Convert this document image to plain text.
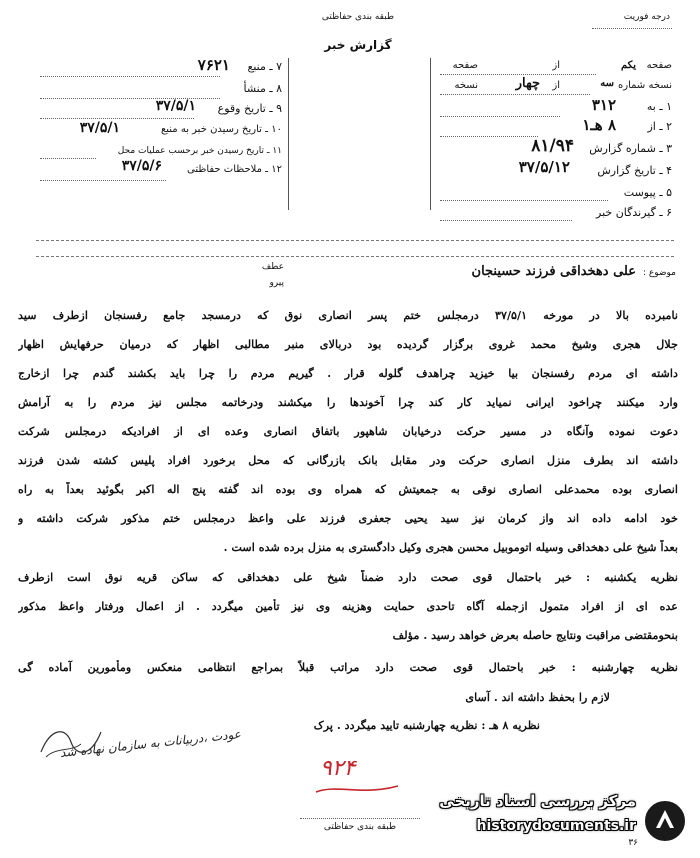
طبقه بندی حفاظتی
گزارش خبر
درجه فوریت
۷ ـ منبع
۷۶۲۱
۸ ـ منشأ
۹ ـ تاریخ وقوع
۳۷/۵/۱
۱۰ ـ تاریخ رسیدن خبر به منبع
۳۷/۵/۱
۱۱ ـ تاریخ رسیدن خبر برحسب عملیات محل
۱۲ ـ ملاحظات حفاظتی
۳۷/۵/۶
صفحه
یکم
از
صفحه
نسخه شماره
سه
از
چهار
نسخه
۱ ـ به
۳۱۲
۲ ـ از
۸ هـ۱
۳ ـ شماره گزارش
۸۱/۹۴
۴ ـ تاریخ گزارش
۳۷/۵/۱۲
۵ ـ پیوست
۶ ـ گیرندگان خبر
موضوع :
علی دهخداقی فرزند حسینجان
عطف
پیرو
نامبرده بالا در مورخه ۳۷/۵/۱ درمجلس ختم پسر انصاری نوق که درمسجد جامع رفسنجان ازطرف سید
جلال هجری وشیخ محمد غروی برگزار گردیده بود دربالای منبر مطالبی اظهار که درمیان حرفهایش اظهار
داشته ای مردم رفسنجان بیا خیزید چراهدف گلوله قرار . گیریم مردم را چرا باید بکشند گندم چرا ازخارج
وارد میکنند چراخود ایرانی نمیاید کار کند چرا آخوندها را میکشند ودرخاتمه مجلس نیز مردم را به آرامش
دعوت نموده وآنگاه در مسیر حرکت درخیابان شاهپور باتفاق انصاری وعده ای از افرادیکه درمجلس شرکت
داشته اند بطرف منزل انصاری حرکت ودر مقابل بانک بازرگانی که محل برخورد افراد پلیس کشته شدن فرزند
انصاری بوده محمدعلی انصاری نوقی به جمعیتش که همراه وی بوده اند گفته پنج اله اکبر بگوئید بعداً به راه
خود ادامه داده اند واز کرمان نیز سید یحیی جعفری فرزند علی واعظ درمجلس ختم مذکور شرکت داشته و
بعداً شیخ علی دهخداقی وسیله اتوموبیل محسن هجری وکیل دادگستری به منزل برده شده است .
نظریه یکشنبه : خبر باحتمال قوی صحت دارد ضمناً شیخ علی دهخداقی که ساکن قریه نوق است ازطرف
عده ای از افراد متمول ازجمله آگاه تاحدی حمایت وهزینه وی نیز تأمین میگردد . از اعمال ورفتار واعظ مذکور
بنحومقتضی مراقبت ونتایج حاصله بعرض خواهد رسید . مؤلف
نظریه چهارشنبه : خبر باحتمال قوی صحت دارد مراتب قبلاً بمراجع انتظامی منعکس ومأمورین آماده گی
لازم را بحفظ داشته اند . آسای
نظریه ۸ هـ : نظریه چهارشنبه تایید میگردد . پرک
عودت ،دربیانات به سازمان نهاده شد
۹۲۴
طبقه بندی حفاظتی
۳۶
مرکز بررسی اسناد تاریخی
historydocuments.ir
